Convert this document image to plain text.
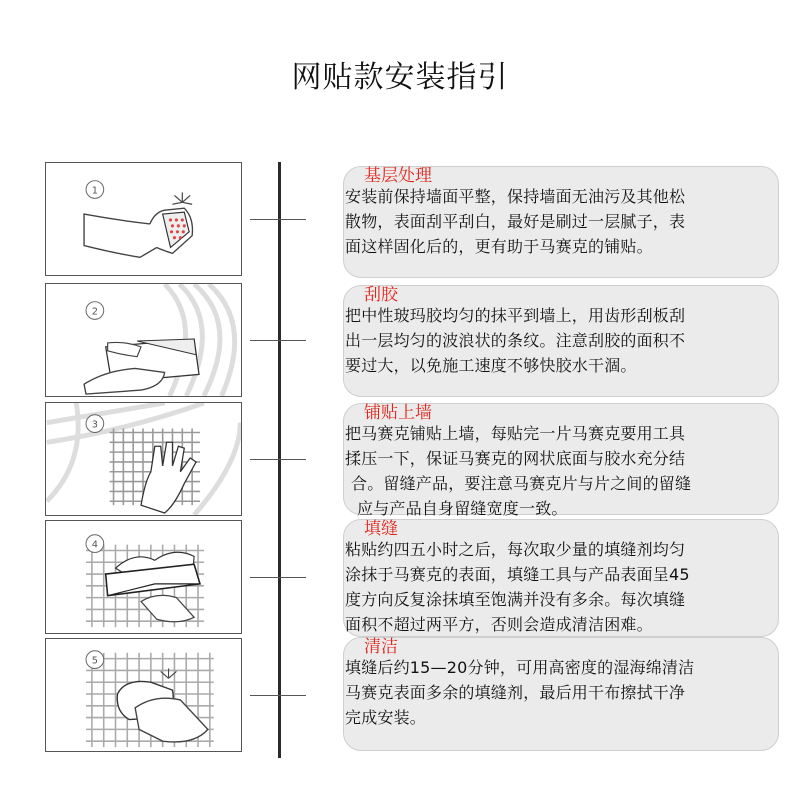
网贴款安装指引
1
2
3
4
5
基层处理
安装前保持墙面平整，保持墙面无油污及其他松
散物，表面刮平刮白，最好是刷过一层腻子，表
面这样固化后的，更有助于马赛克的铺贴。
刮胶
把中性玻玛胶均匀的抹平到墙上，用齿形刮板刮
出一层均匀的波浪状的条纹。注意刮胶的面积不
要过大，以免施工速度不够快胶水干涸。
铺贴上墙
把马赛克铺贴上墙，每贴完一片马赛克要用工具
揉压一下，保证马赛克的网状底面与胶水充分结
合。留缝产品，要注意马赛克片与片之间的留缝
应与产品自身留缝宽度一致。
填缝
粘贴约四五小时之后，每次取少量的填缝剂均匀
涂抹于马赛克的表面，填缝工具与产品表面呈45
度方向反复涂抹填至饱满并没有多余。每次填缝
面积不超过两平方，否则会造成清洁困难。
清洁
填缝后约15—20分钟，可用高密度的湿海绵清洁
马赛克表面多余的填缝剂，最后用干布擦拭干净
完成安装。
